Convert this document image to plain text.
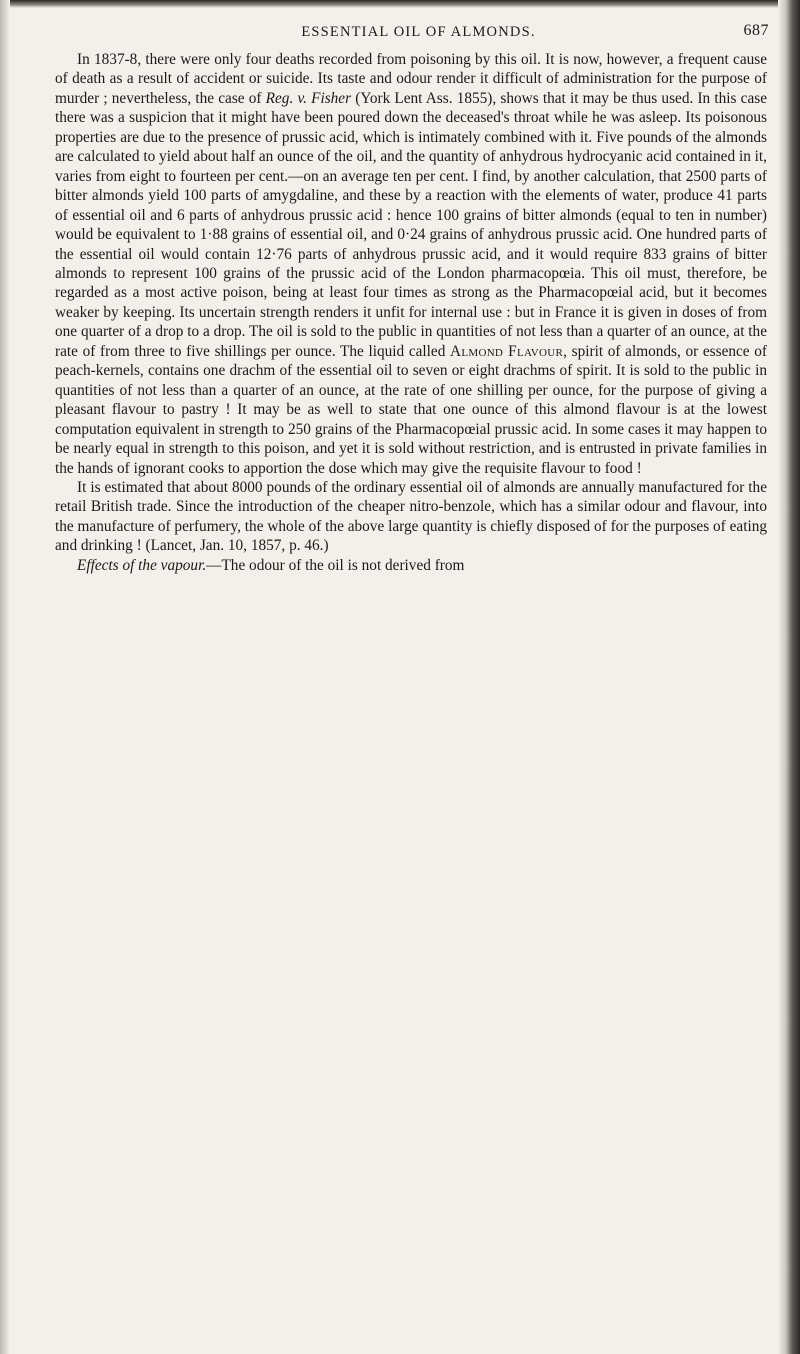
ESSENTIAL OIL OF ALMONDS.	687

In 1837-8, there were only four deaths recorded from poisoning by this oil. It is now, however, a frequent cause of death as a result of accident or suicide. Its taste and odour render it difficult of administration for the purpose of murder ; nevertheless, the case of Reg. v. Fisher (York Lent Ass. 1855), shows that it may be thus used. In this case there was a suspicion that it might have been poured down the deceased's throat while he was asleep. Its poisonous properties are due to the presence of prussic acid, which is intimately combined with it. Five pounds of the almonds are calculated to yield about half an ounce of the oil, and the quantity of anhydrous hydrocyanic acid contained in it, varies from eight to fourteen per cent.—on an average ten per cent. I find, by another calculation, that 2500 parts of bitter almonds yield 100 parts of amygdaline, and these by a reaction with the elements of water, produce 41 parts of essential oil and 6 parts of anhydrous prussic acid : hence 100 grains of bitter almonds (equal to ten in number) would be equivalent to 1·88 grains of essential oil, and 0·24 grains of anhydrous prussic acid. One hundred parts of the essential oil would contain 12·76 parts of anhydrous prussic acid, and it would require 833 grains of bitter almonds to represent 100 grains of the prussic acid of the London pharmacopœia. This oil must, therefore, be regarded as a most active poison, being at least four times as strong as the Pharmacopœial acid, but it becomes weaker by keeping. Its uncertain strength renders it unfit for internal use : but in France it is given in doses of from one quarter of a drop to a drop. The oil is sold to the public in quantities of not less than a quarter of an ounce, at the rate of from three to five shillings per ounce. The liquid called Almond Flavour, spirit of almonds, or essence of peach-kernels, contains one drachm of the essential oil to seven or eight drachms of spirit. It is sold to the public in quantities of not less than a quarter of an ounce, at the rate of one shilling per ounce, for the purpose of giving a pleasant flavour to pastry ! It may be as well to state that one ounce of this almond flavour is at the lowest computation equivalent in strength to 250 grains of the Pharmacopœial prussic acid. In some cases it may happen to be nearly equal in strength to this poison, and yet it is sold without restriction, and is entrusted in private families in the hands of ignorant cooks to apportion the dose which may give the requisite flavour to food !

It is estimated that about 8000 pounds of the ordinary essential oil of almonds are annually manufactured for the retail British trade. Since the introduction of the cheaper nitro-benzole, which has a similar odour and flavour, into the manufacture of perfumery, the whole of the above large quantity is chiefly disposed of for the purposes of eating and drinking ! (Lancet, Jan. 10, 1857, p. 46.)

Effects of the vapour.—The odour of the oil is not derived from
